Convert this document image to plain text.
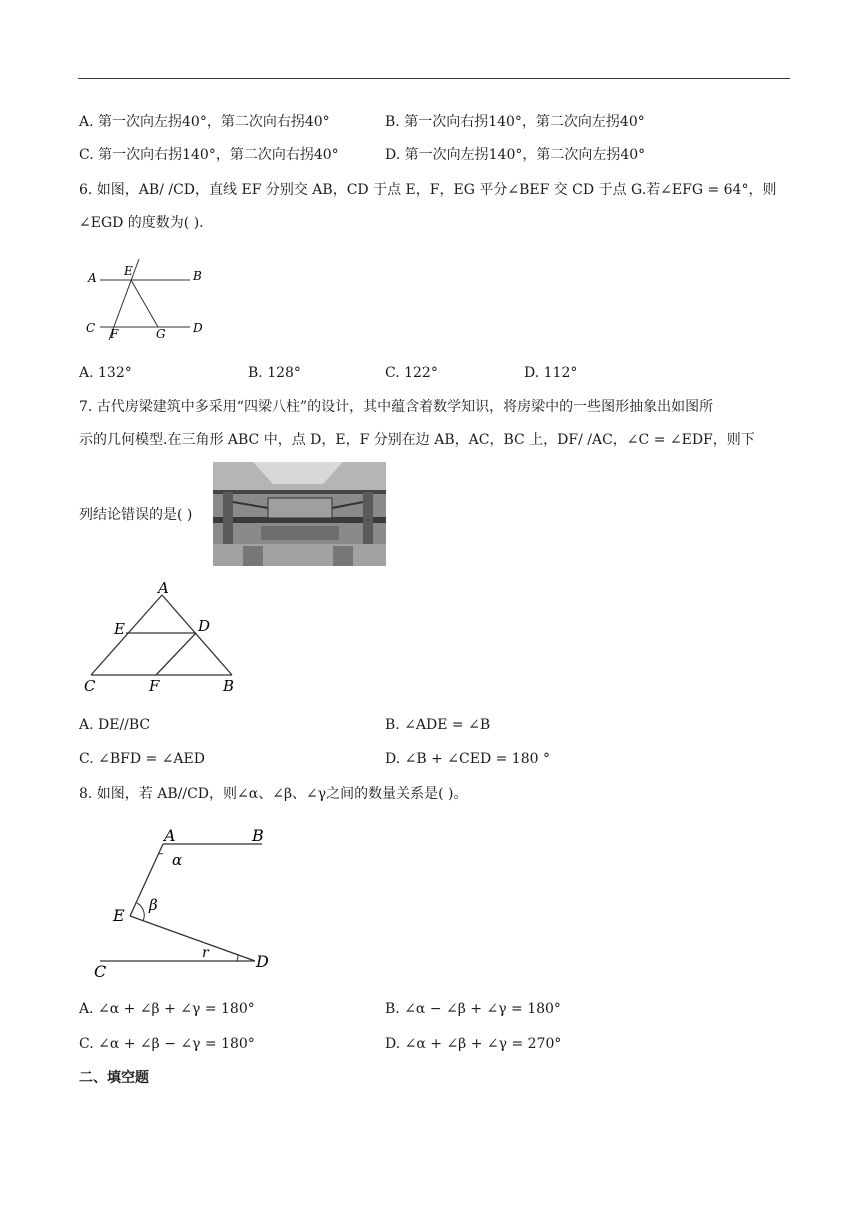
A. 第一次向左拐40°，第二次向右拐40°	B. 第一次向右拐140°，第二次向左拐40°
C. 第一次向右拐140°，第二次向右拐40°	D. 第一次向左拐140°，第二次向左拐40°
6. 如图，AB/ /CD，直线 EF 分别交 AB，CD 于点 E，F，EG 平分∠BEF 交 CD 于点 G.若∠EFG = 64°，则
∠EGD 的度数为( ).
A E	B
C F	G D
A. 132°	B. 128°	C. 122°	D. 112°
7. 古代房梁建筑中多采用“四梁八柱”的设计，其中蕴含着数学知识，将房梁中的一些图形抽象出如图所
示的几何模型.在三角形 ABC 中，点 D，E，F 分别在边 AB，AC，BC 上，DF/ /AC，∠C = ∠EDF，则下
列结论错误的是( )
A
E	D
C	F	B
A. DE//BC	B. ∠ADE = ∠B
C. ∠BFD = ∠AED	D. ∠B + ∠CED = 180 °
8. 如图，若 AB//CD，则∠α、∠β、∠γ之间的数量关系是( )。
A	B
α
E
β
r
C
D
A. ∠α + ∠β + ∠γ = 180°	B. ∠α − ∠β + ∠γ = 180°
C. ∠α + ∠β − ∠γ = 180°	D. ∠α + ∠β + ∠γ = 270°
二、填空题
